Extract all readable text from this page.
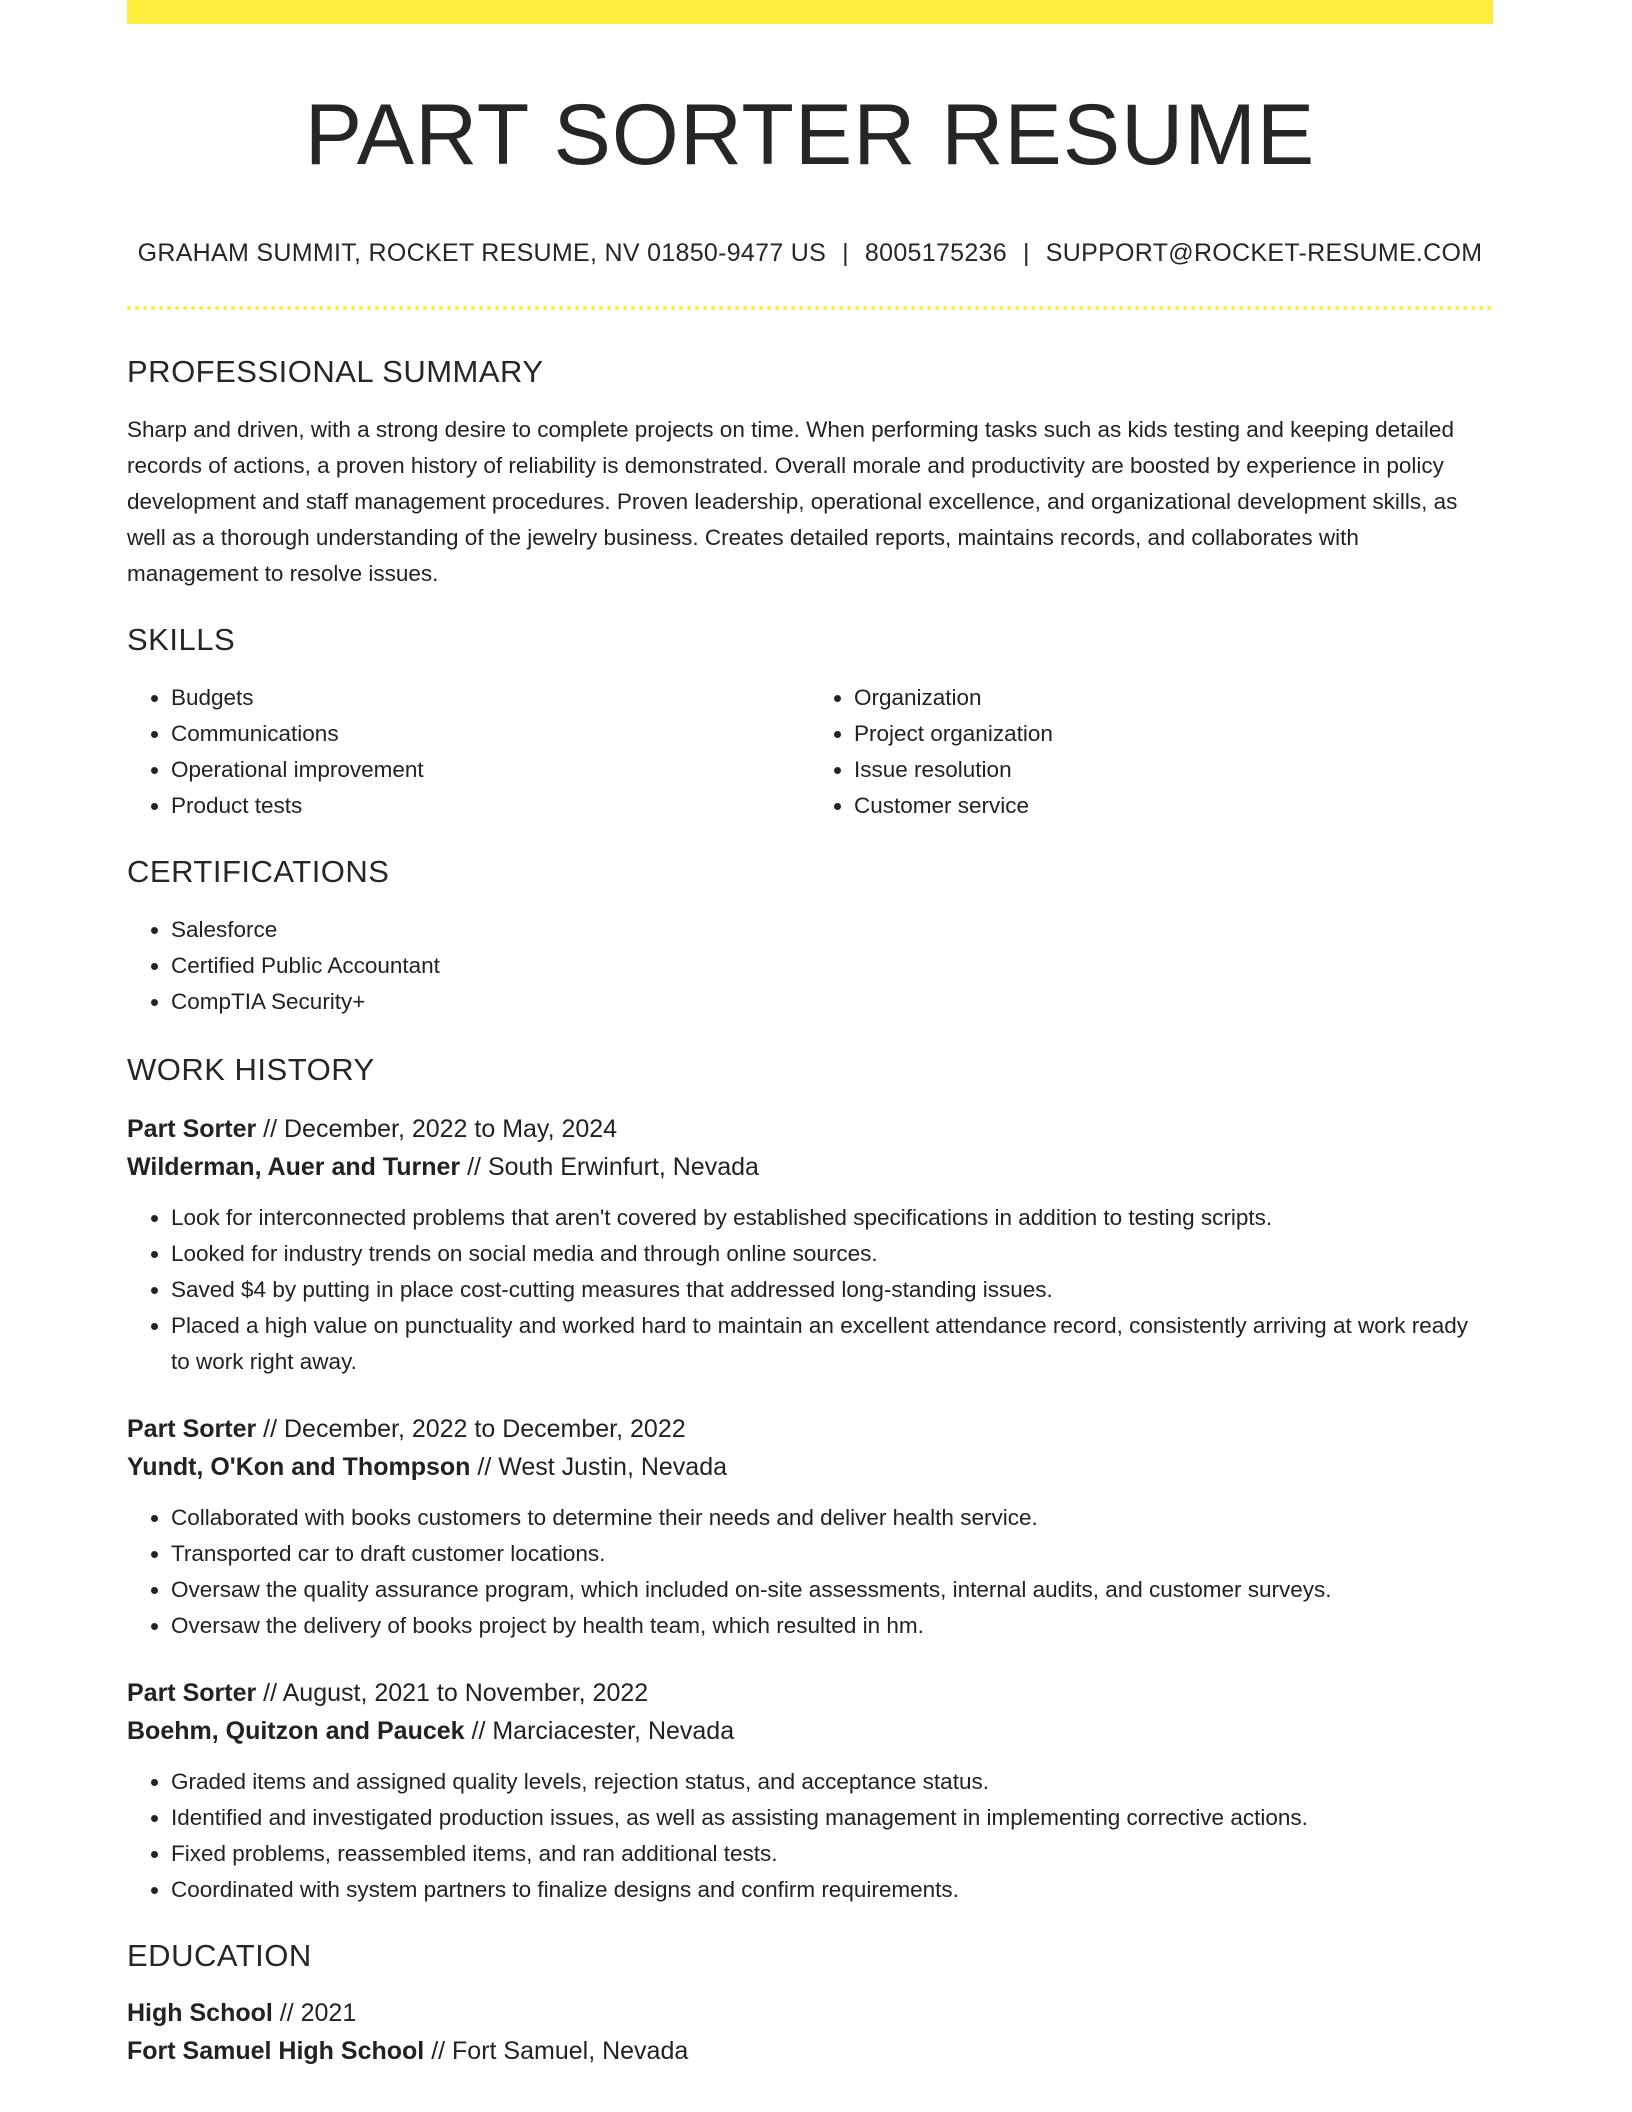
PART SORTER RESUME
GRAHAM SUMMIT, ROCKET RESUME, NV 01850-9477 US | 8005175236 | SUPPORT@ROCKET-RESUME.COM
PROFESSIONAL SUMMARY

Sharp and driven, with a strong desire to complete projects on time. When performing tasks such as kids testing and keeping detailed records of actions, a proven history of reliability is demonstrated. Overall morale and productivity are boosted by experience in policy development and staff management procedures. Proven leadership, operational excellence, and organizational development skills, as well as a thorough understanding of the jewelry business. Creates detailed reports, maintains records, and collaborates with management to resolve issues.

SKILLS
• Budgets
• Communications
• Operational improvement
• Product tests
• Organization
• Project organization
• Issue resolution
• Customer service
CERTIFICATIONS
• Salesforce
• Certified Public Accountant
• CompTIA Security+
WORK HISTORY
Part Sorter // December, 2022 to May, 2024
Wilderman, Auer and Turner // South Erwinfurt, Nevada
• Look for interconnected problems that aren't covered by established specifications in addition to testing scripts.
• Looked for industry trends on social media and through online sources.
• Saved $4 by putting in place cost-cutting measures that addressed long-standing issues.
• Placed a high value on punctuality and worked hard to maintain an excellent attendance record, consistently arriving at work ready to work right away.
Part Sorter // December, 2022 to December, 2022
Yundt, O'Kon and Thompson // West Justin, Nevada
• Collaborated with books customers to determine their needs and deliver health service.
• Transported car to draft customer locations.
• Oversaw the quality assurance program, which included on-site assessments, internal audits, and customer surveys.
• Oversaw the delivery of books project by health team, which resulted in hm.
Part Sorter // August, 2021 to November, 2022
Boehm, Quitzon and Paucek // Marciacester, Nevada
• Graded items and assigned quality levels, rejection status, and acceptance status.
• Identified and investigated production issues, as well as assisting management in implementing corrective actions.
• Fixed problems, reassembled items, and ran additional tests.
• Coordinated with system partners to finalize designs and confirm requirements.
EDUCATION
High School // 2021
Fort Samuel High School // Fort Samuel, Nevada
